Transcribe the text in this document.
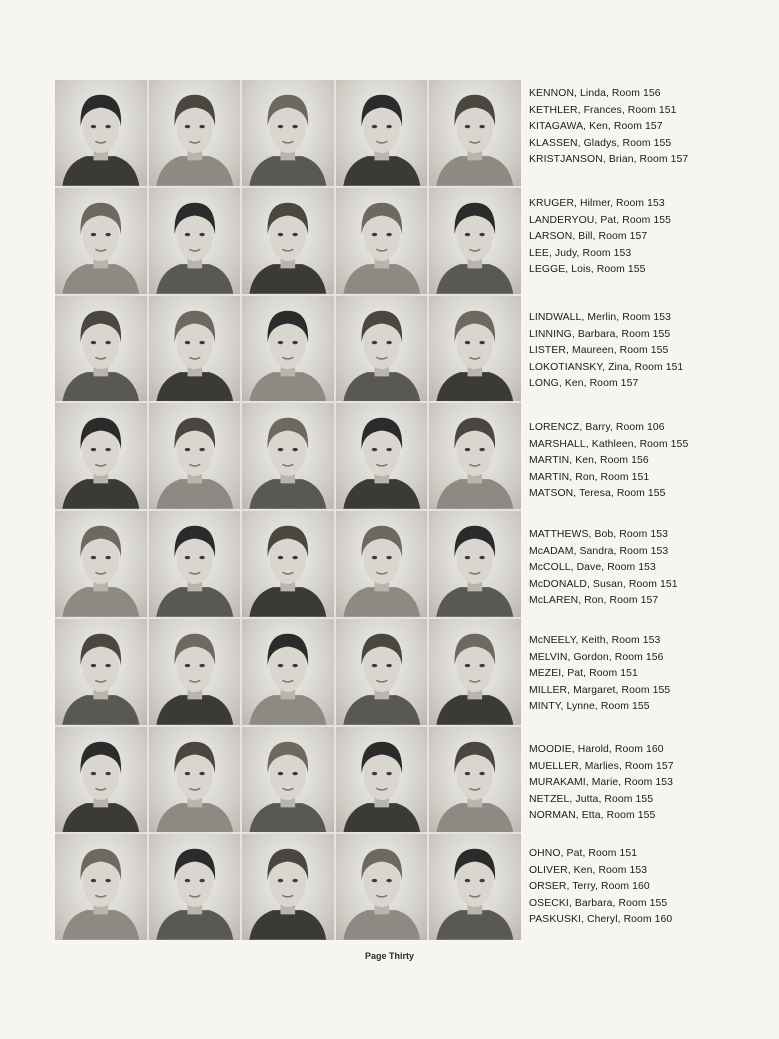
KENNON, Linda, Room 156
KETHLER, Frances, Room 151
KITAGAWA, Ken, Room 157
KLASSEN, Gladys, Room 155
KRISTJANSON, Brian, Room 157
KRUGER, Hilmer, Room 153
LANDERYOU, Pat, Room 155
LARSON, Bill, Room 157
LEE, Judy, Room 153
LEGGE, Lois, Room 155
LINDWALL, Merlin, Room 153
LINNING, Barbara, Room 155
LISTER, Maureen, Room 155
LOKOTIANSKY, Zina, Room 151
LONG, Ken, Room 157
LORENCZ, Barry, Room 106
MARSHALL, Kathleen, Room 155
MARTIN, Ken, Room 156
MARTIN, Ron, Room 151
MATSON, Teresa, Room 155
MATTHEWS, Bob, Room 153
McADAM, Sandra, Room 153
McCOLL, Dave, Room 153
McDONALD, Susan, Room 151
McLAREN, Ron, Room 157
McNEELY, Keith, Room 153
MELVIN, Gordon, Room 156
MEZEI, Pat, Room 151
MILLER, Margaret, Room 155
MINTY, Lynne, Room 155
MOODIE, Harold, Room 160
MUELLER, Marlies, Room 157
MURAKAMI, Marie, Room 153
NETZEL, Jutta, Room 155
NORMAN, Etta, Room 155
OHNO, Pat, Room 151
OLIVER, Ken, Room 153
ORSER, Terry, Room 160
OSECKI, Barbara, Room 155
PASKUSKI, Cheryl, Room 160
Page Thirty
